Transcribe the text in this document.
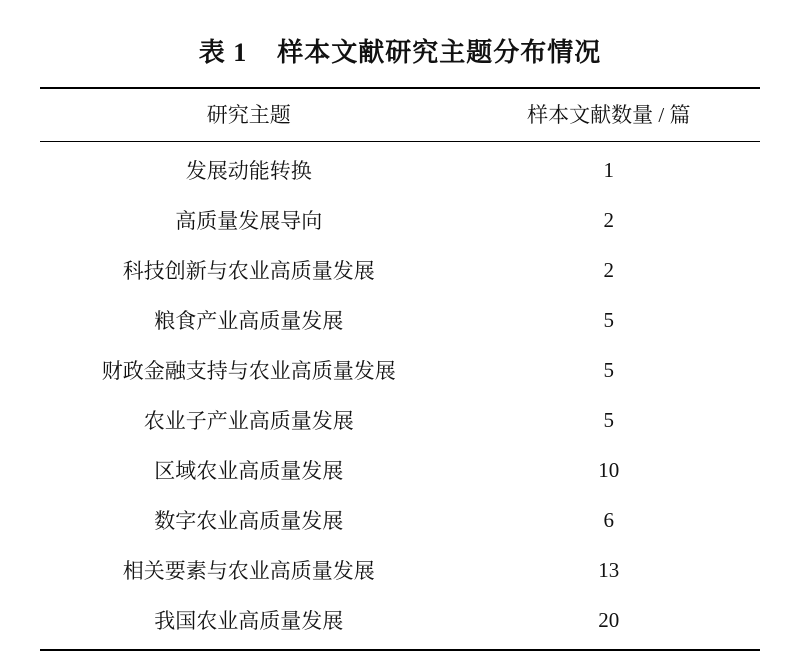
表 1    样本文献研究主题分布情况
研究主题	样本文献数量 / 篇
发展动能转换	1
高质量发展导向	2
科技创新与农业高质量发展	2
粮食产业高质量发展	5
财政金融支持与农业高质量发展	5
农业子产业高质量发展	5
区域农业高质量发展	10
数字农业高质量发展	6
相关要素与农业高质量发展	13
我国农业高质量发展	20
